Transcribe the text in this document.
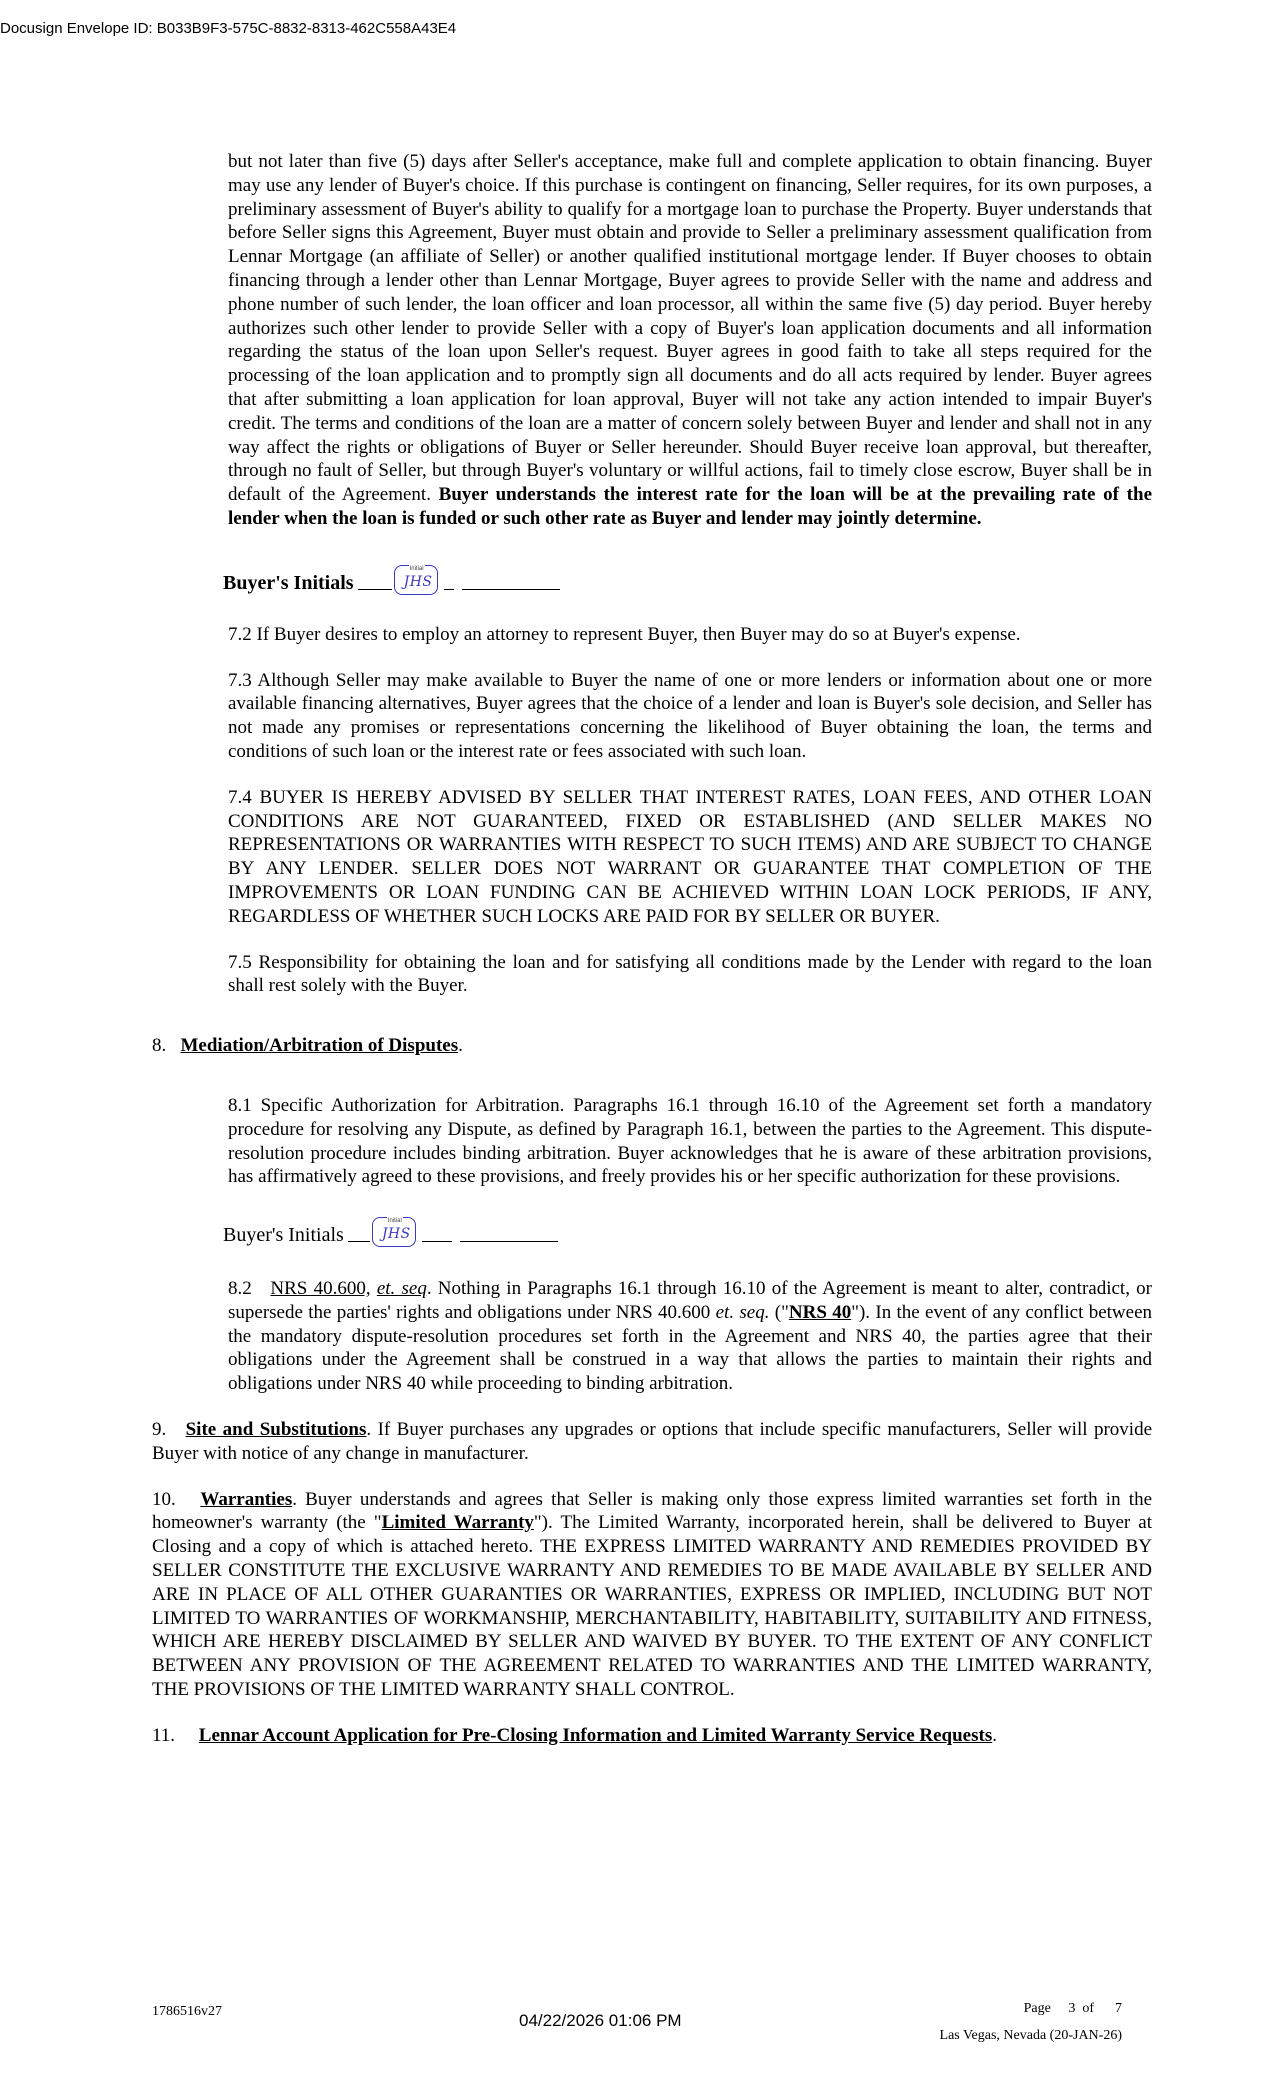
Docusign Envelope ID: B033B9F3-575C-8832-8313-462C558A43E4

but not later than five (5) days after Seller's acceptance, make full and complete application to obtain financing. Buyer may use any lender of Buyer's choice. If this purchase is contingent on financing, Seller requires, for its own purposes, a preliminary assessment of Buyer's ability to qualify for a mortgage loan to purchase the Property. Buyer understands that before Seller signs this Agreement, Buyer must obtain and provide to Seller a preliminary assessment qualification from Lennar Mortgage (an affiliate of Seller) or another qualified institutional mortgage lender. If Buyer chooses to obtain financing through a lender other than Lennar Mortgage, Buyer agrees to provide Seller with the name and address and phone number of such lender, the loan officer and loan processor, all within the same five (5) day period. Buyer hereby authorizes such other lender to provide Seller with a copy of Buyer's loan application documents and all information regarding the status of the loan upon Seller's request. Buyer agrees in good faith to take all steps required for the processing of the loan application and to promptly sign all documents and do all acts required by lender. Buyer agrees that after submitting a loan application for loan approval, Buyer will not take any action intended to impair Buyer's credit. The terms and conditions of the loan are a matter of concern solely between Buyer and lender and shall not in any way affect the rights or obligations of Buyer or Seller hereunder. Should Buyer receive loan approval, but thereafter, through no fault of Seller, but through Buyer's voluntary or willful actions, fail to timely close escrow, Buyer shall be in default of the Agreement. Buyer understands the interest rate for the loan will be at the prevailing rate of the lender when the loan is funded or such other rate as Buyer and lender may jointly determine.

Buyer's Initials
Initial
JHS

7.2 If Buyer desires to employ an attorney to represent Buyer, then Buyer may do so at Buyer's expense.

7.3 Although Seller may make available to Buyer the name of one or more lenders or information about one or more available financing alternatives, Buyer agrees that the choice of a lender and loan is Buyer's sole decision, and Seller has not made any promises or representations concerning the likelihood of Buyer obtaining the loan, the terms and conditions of such loan or the interest rate or fees associated with such loan.

7.4 BUYER IS HEREBY ADVISED BY SELLER THAT INTEREST RATES, LOAN FEES, AND OTHER LOAN CONDITIONS ARE NOT GUARANTEED, FIXED OR ESTABLISHED (AND SELLER MAKES NO REPRESENTATIONS OR WARRANTIES WITH RESPECT TO SUCH ITEMS) AND ARE SUBJECT TO CHANGE BY ANY LENDER. SELLER DOES NOT WARRANT OR GUARANTEE THAT COMPLETION OF THE IMPROVEMENTS OR LOAN FUNDING CAN BE ACHIEVED WITHIN LOAN LOCK PERIODS, IF ANY, REGARDLESS OF WHETHER SUCH LOCKS ARE PAID FOR BY SELLER OR BUYER.

7.5 Responsibility for obtaining the loan and for satisfying all conditions made by the Lender with regard to the loan shall rest solely with the Buyer.

8. Mediation/Arbitration of Disputes.

8.1 Specific Authorization for Arbitration. Paragraphs 16.1 through 16.10 of the Agreement set forth a mandatory procedure for resolving any Dispute, as defined by Paragraph 16.1, between the parties to the Agreement. This dispute-resolution procedure includes binding arbitration. Buyer acknowledges that he is aware of these arbitration provisions, has affirmatively agreed to these provisions, and freely provides his or her specific authorization for these provisions.

Buyer's Initials
Initial
JHS

8.2 NRS 40.600, et. seq. Nothing in Paragraphs 16.1 through 16.10 of the Agreement is meant to alter, contradict, or supersede the parties' rights and obligations under NRS 40.600 et. seq. ("NRS 40"). In the event of any conflict between the mandatory dispute-resolution procedures set forth in the Agreement and NRS 40, the parties agree that their obligations under the Agreement shall be construed in a way that allows the parties to maintain their rights and obligations under NRS 40 while proceeding to binding arbitration.

9. Site and Substitutions. If Buyer purchases any upgrades or options that include specific manufacturers, Seller will provide Buyer with notice of any change in manufacturer.

10. Warranties. Buyer understands and agrees that Seller is making only those express limited warranties set forth in the homeowner's warranty (the "Limited Warranty"). The Limited Warranty, incorporated herein, shall be delivered to Buyer at Closing and a copy of which is attached hereto. THE EXPRESS LIMITED WARRANTY AND REMEDIES PROVIDED BY SELLER CONSTITUTE THE EXCLUSIVE WARRANTY AND REMEDIES TO BE MADE AVAILABLE BY SELLER AND ARE IN PLACE OF ALL OTHER GUARANTIES OR WARRANTIES, EXPRESS OR IMPLIED, INCLUDING BUT NOT LIMITED TO WARRANTIES OF WORKMANSHIP, MERCHANTABILITY, HABITABILITY, SUITABILITY AND FITNESS, WHICH ARE HEREBY DISCLAIMED BY SELLER AND WAIVED BY BUYER. TO THE EXTENT OF ANY CONFLICT BETWEEN ANY PROVISION OF THE AGREEMENT RELATED TO WARRANTIES AND THE LIMITED WARRANTY, THE PROVISIONS OF THE LIMITED WARRANTY SHALL CONTROL.

11. Lennar Account Application for Pre-Closing Information and Limited Warranty Service Requests.

1786516v27	04/22/2026 01:06 PM
Page 3 of 7
Las Vegas, Nevada (20-JAN-26)
